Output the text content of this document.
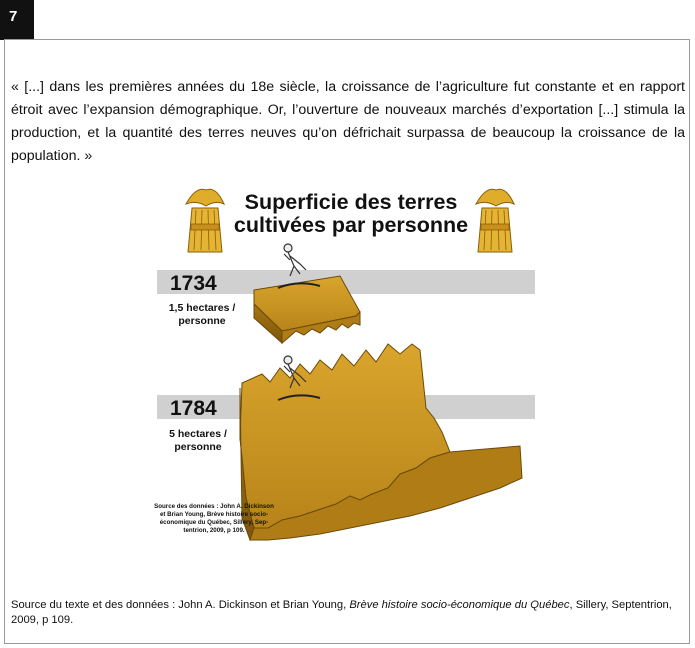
7

« [...] dans les premières années du 18e siècle, la croissance de l’agriculture fut constante et en rapport étroit avec l’expansion démographique. Or, l’ouverture de nouveaux marchés d’exportation [...] stimula la production, et la quantité des terres neuves qu’on défrichait surpassa de beaucoup la croissance de la population. »

Superficie des terres
cultivées par personne
1734
1,5 hectares /
personne
1784
5 hectares /
personne
Source des données : John A. Dickinson
et Brian Young, Brève histoire socio-
économique du Québec, Sillery, Sep-
tentrion, 2009, p 109.

Source du texte et des données : John A. Dickinson et Brian Young, Brève histoire socio-économique du Québec, Sillery, Septentrion, 2009, p 109.
